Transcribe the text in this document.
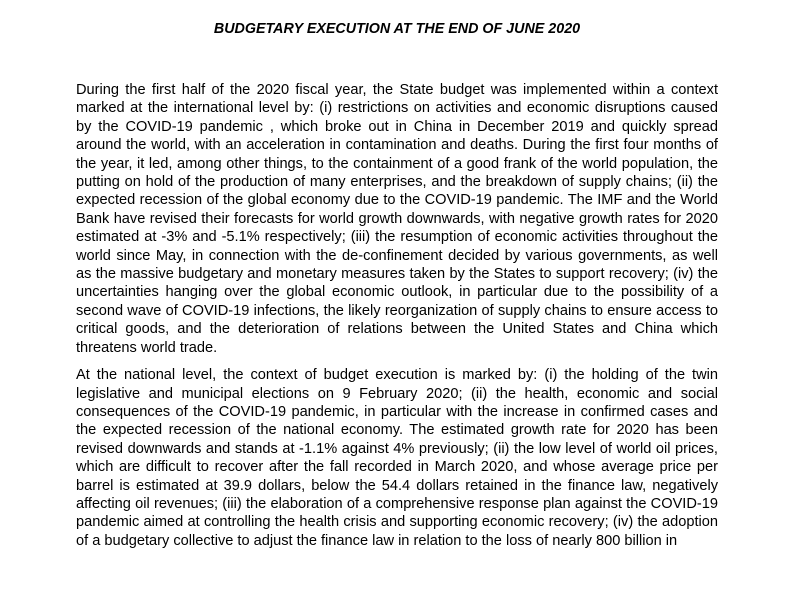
BUDGETARY EXECUTION AT THE END OF JUNE 2020

During the first half of the 2020 fiscal year, the State budget was implemented within a context marked at the international level by: (i) restrictions on activities and economic disruptions caused by the COVID-19 pandemic , which broke out in China in December 2019 and quickly spread around the world, with an acceleration in contamination and deaths. During the first four months of the year, it led, among other things, to the containment of a good frank of the world population, the putting on hold of the production of many enterprises, and the breakdown of supply chains; (ii) the expected recession of the global economy due to the COVID-19 pandemic. The IMF and the World Bank have revised their forecasts for world growth downwards, with negative growth rates for 2020 estimated at -3% and -5.1% respectively; (iii) the resumption of economic activities throughout the world since May, in connection with the de-confinement decided by various governments, as well as the massive budgetary and monetary measures taken by the States to support recovery; (iv) the uncertainties hanging over the global economic outlook, in particular due to the possibility of a second wave of COVID-19 infections, the likely reorganization of supply chains to ensure access to critical goods, and the deterioration of relations between the United States and China which threatens world trade.

At the national level, the context of budget execution is marked by: (i) the holding of the twin legislative and municipal elections on 9 February 2020; (ii) the health, economic and social consequences of the COVID-19 pandemic, in particular with the increase in confirmed cases and the expected recession of the national economy. The estimated growth rate for 2020 has been revised downwards and stands at -1.1% against 4% previously; (ii) the low level of world oil prices, which are difficult to recover after the fall recorded in March 2020, and whose average price per barrel is estimated at 39.9 dollars, below the 54.4 dollars retained in the finance law, negatively affecting oil revenues; (iii) the elaboration of a comprehensive response plan against the COVID-19 pandemic aimed at controlling the health crisis and supporting economic recovery; (iv) the adoption of a budgetary collective to adjust the finance law in relation to the loss of nearly 800 billion in
